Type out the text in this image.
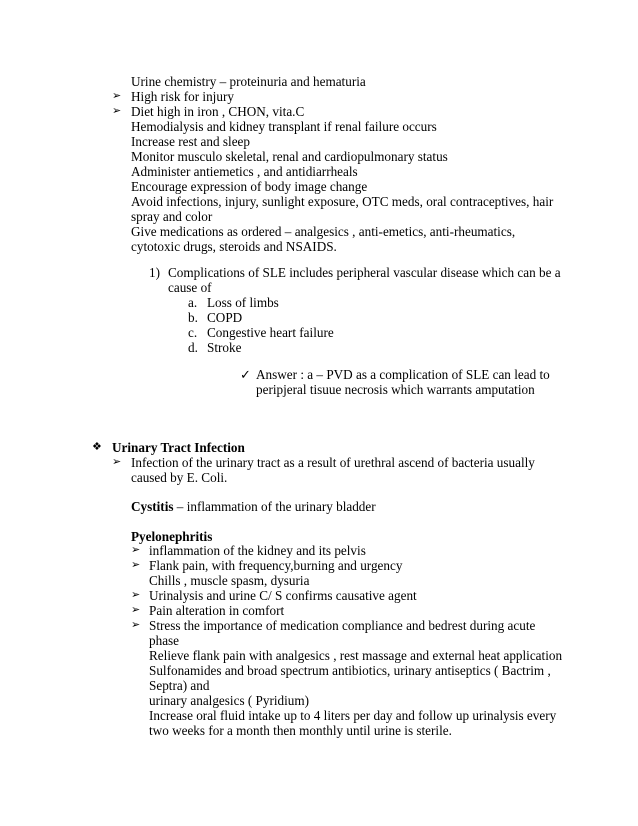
Urine chemistry – proteinuria and hematuria
➢ High risk for injury
➢ Diet high in iron , CHON, vita.C
Hemodialysis and kidney transplant if renal failure occurs
Increase rest and sleep
Monitor musculo skeletal, renal and cardiopulmonary status
Administer antiemetics , and antidiarrheals
Encourage expression of body image change
Avoid infections, injury, sunlight exposure, OTC meds, oral contraceptives, hair
spray and color
Give medications as ordered – analgesics , anti-emetics, anti-rheumatics,
cytotoxic drugs, steroids and NSAIDS.
1) Complications of SLE includes peripheral vascular disease which can be a
cause of
a. Loss of limbs
b. COPD
c. Congestive heart failure
d. Stroke
✓ Answer : a – PVD as a complication of SLE can lead to
peripjeral tisuue necrosis which warrants amputation
❖ Urinary Tract Infection
➢ Infection of the urinary tract as a result of urethral ascend of bacteria usually
caused by E. Coli.
Cystitis – inflammation of the urinary bladder
Pyelonephritis
➢ inflammation of the kidney and its pelvis
➢ Flank pain, with frequency,burning and urgency
Chills , muscle spasm, dysuria
➢ Urinalysis and urine C/ S confirms causative agent
➢ Pain alteration in comfort
➢ Stress the importance of medication compliance and bedrest during acute
phase
Relieve flank pain with analgesics , rest massage and external heat application
Sulfonamides and broad spectrum antibiotics, urinary antiseptics ( Bactrim ,
Septra) and
urinary analgesics ( Pyridium)
Increase oral fluid intake up to 4 liters per day and follow up urinalysis every
two weeks for a month then monthly until urine is sterile.
